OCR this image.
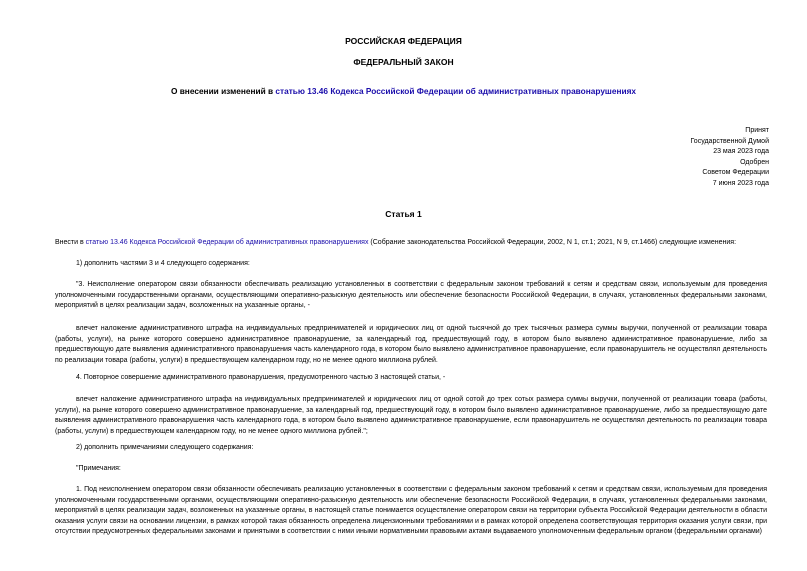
РОССИЙСКАЯ ФЕДЕРАЦИЯ
ФЕДЕРАЛЬНЫЙ ЗАКОН
О внесении изменений в статью 13.46 Кодекса Российской Федерации об административных правонарушениях
Принят
Государственной Думой
23 мая 2023 года
Одобрен
Советом Федерации
7 июня 2023 года
Статья 1
Внести в статью 13.46 Кодекса Российской Федерации об административных правонарушениях (Собрание законодательства Российской Федерации, 2002, N 1, ст.1; 2021, N 9, ст.1466) следующие изменения:
1) дополнить частями 3 и 4 следующего содержания:
"3. Неисполнение оператором связи обязанности обеспечивать реализацию установленных в соответствии с федеральным законом требований к сетям и средствам связи, используемым для проведения уполномоченными государственными органами, осуществляющими оперативно-разыскную деятельность или обеспечение безопасности Российской Федерации, в случаях, установленных федеральными законами, мероприятий в целях реализации задач, возложенных на указанные органы, -
влечет наложение административного штрафа на индивидуальных предпринимателей и юридических лиц от одной тысячной до трех тысячных размера суммы выручки, полученной от реализации товара (работы, услуги), на рынке которого совершено административное правонарушение, за календарный год, предшествующий году, в котором было выявлено административное правонарушение, либо за предшествующую дате выявления административного правонарушения часть календарного года, в котором было выявлено административное правонарушение, если правонарушитель не осуществлял деятельность по реализации товара (работы, услуги) в предшествующем календарном году, но не менее одного миллиона рублей.
4. Повторное совершение административного правонарушения, предусмотренного частью 3 настоящей статьи, -
влечет наложение административного штрафа на индивидуальных предпринимателей и юридических лиц от одной сотой до трех сотых размера суммы выручки, полученной от реализации товара (работы, услуги), на рынке которого совершено административное правонарушение, за календарный год, предшествующий году, в котором было выявлено административное правонарушение, либо за предшествующую дате выявления административного правонарушения часть календарного года, в котором было выявлено административное правонарушение, если правонарушитель не осуществлял деятельность по реализации товара (работы, услуги) в предшествующем календарном году, но не менее одного миллиона рублей.";
2) дополнить примечаниями следующего содержания:
"Примечания:
1. Под неисполнением оператором связи обязанности обеспечивать реализацию установленных в соответствии с федеральным законом требований к сетям и средствам связи, используемым для проведения уполномоченными государственными органами, осуществляющими оперативно-разыскную деятельность или обеспечение безопасности Российской Федерации, в случаях, установленных федеральными законами, мероприятий в целях реализации задач, возложенных на указанные органы, в настоящей статье понимается осуществление оператором связи на территории субъекта Российской Федерации деятельности в области оказания услуги связи на основании лицензии, в рамках которой такая обязанность определена лицензионными требованиями и в рамках которой определена соответствующая территория оказания услуги связи, при отсутствии предусмотренных федеральными законами и принятыми в соответствии с ними иными нормативными правовыми актами выдаваемого уполномоченным федеральным органом (федеральными органами)
